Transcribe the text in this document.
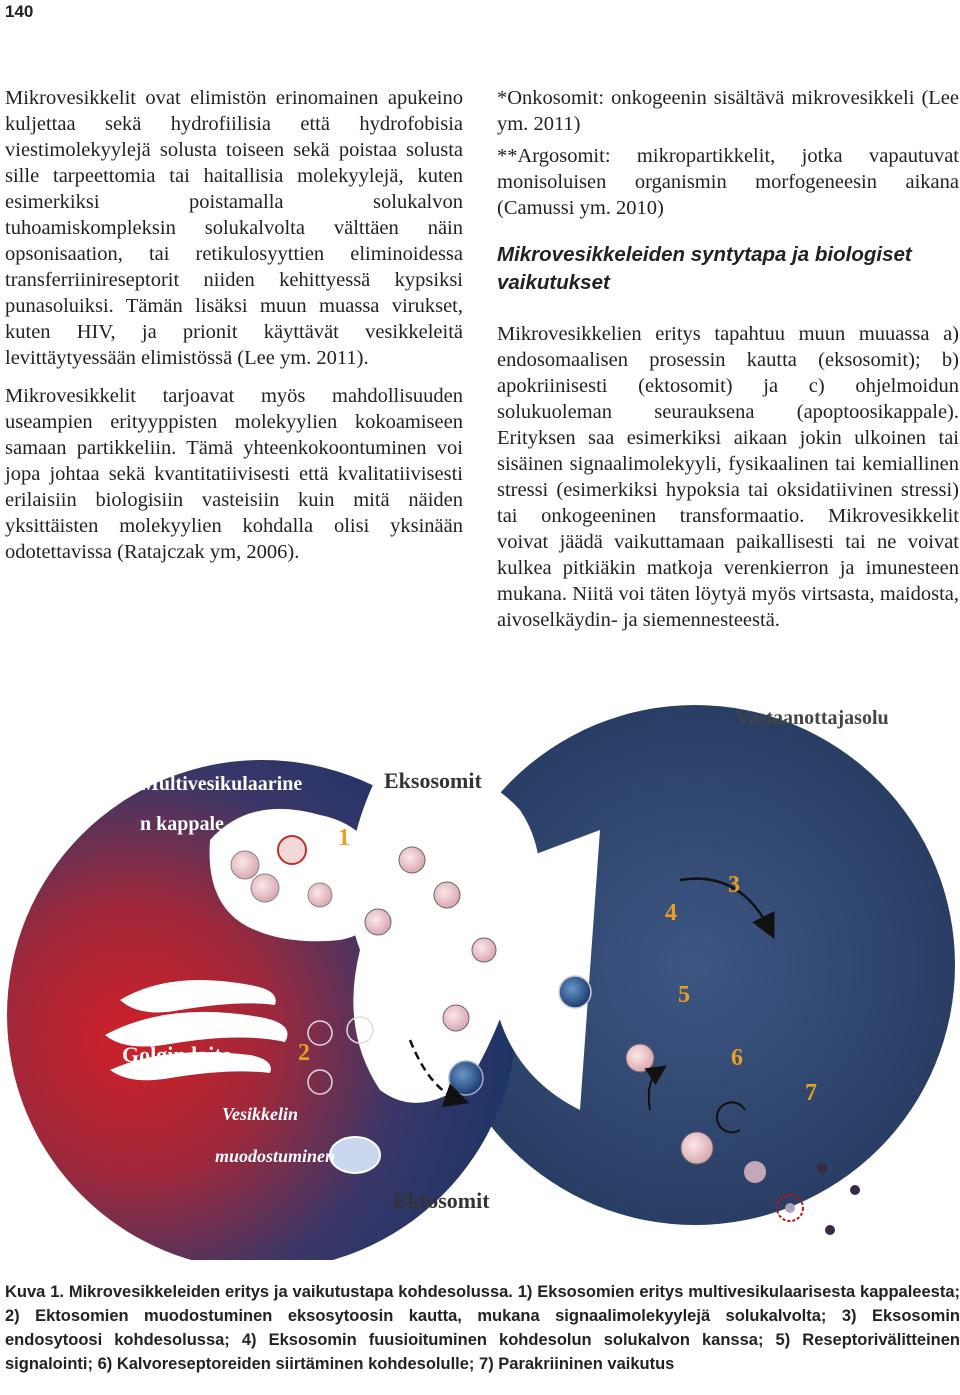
140

Mikrovesikkelit ovat elimistön erinomainen apukeino kuljettaa sekä hydrofiilisia että hydrofobisia viestimolekyylejä solusta toiseen sekä poistaa solusta sille tarpeettomia tai haitallisia molekyylejä, kuten esimerkiksi poistamalla solukalvon tuhoamiskompleksin solukalvolta välttäen näin opsonisaation, tai retikulosyyttien eliminoidessa transferriinireseptorit niiden kehittyessä kypsiksi punasoluiksi. Tämän lisäksi muun muassa virukset, kuten HIV, ja prionit käyttävät vesikkeleitä levittäytyessään elimistössä (Lee ym. 2011).

Mikrovesikkelit tarjoavat myös mahdollisuuden useampien erityyppisten molekyylien kokoamiseen samaan partikkeliin. Tämä yhteenkokoontuminen voi jopa johtaa sekä kvantitatiivisesti että kvalitatiivisesti erilaisiin biologisiin vasteisiin kuin mitä näiden yksittäisten molekyylien kohdalla olisi yksinään odotettavissa (Ratajczak ym, 2006).

*Onkosomit: onkogeenin sisältävä mikrovesikkeli (Lee ym. 2011)

**Argosomit: mikropartikkelit, jotka vapautuvat monisoluisen organismin morfogeneesin aikana (Camussi ym. 2010)

Mikrovesikkeleiden syntytapa ja biologiset vaikutukset

Mikrovesikkelien eritys tapahtuu muun muuassa a) endosomaalisen prosessin kautta (eksosomit); b) apokriinisesti (ektosomit) ja c) ohjelmoidun solukuoleman seurauksena (apoptoosikappale). Erityksen saa esimerkiksi aikaan jokin ulkoinen tai sisäinen signaalimolekyyli, fysikaalinen tai kemiallinen stressi (esimerkiksi hypoksia tai oksidatiivinen stressi) tai onkogeeninen transformaatio. Mikrovesikkelit voivat jäädä vaikuttamaan paikallisesti tai ne voivat kulkea pitkiäkin matkoja verenkierron ja imunesteen mukana. Niitä voi täten löytyä myös virtsasta, maidosta, aivoselkäydin- ja siemennesteestä.

Vastaanottajasolu
Multivesikulaarine
n kappale
Eksosomit
Golgin laite
Vesikkelin
muodostuminen
Ektosomit
1
2
3
4
5
6
7
Kuva 1. Mikrovesikkeleiden eritys ja vaikutustapa kohdesolussa. 1) Eksosomien eritys multivesikulaarisesta kappaleesta; 2) Ektosomien muodostuminen eksosytoosin kautta, mukana signaalimolekyylejä solukalvolta; 3) Eksosomin endosytoosi kohdesolussa; 4) Eksosomin fuusioituminen kohdesolun solukalvon kanssa; 5) Reseptorivälitteinen signalointi; 6) Kalvoreseptoreiden siirtäminen kohdesolulle; 7) Parakriininen vaikutus
